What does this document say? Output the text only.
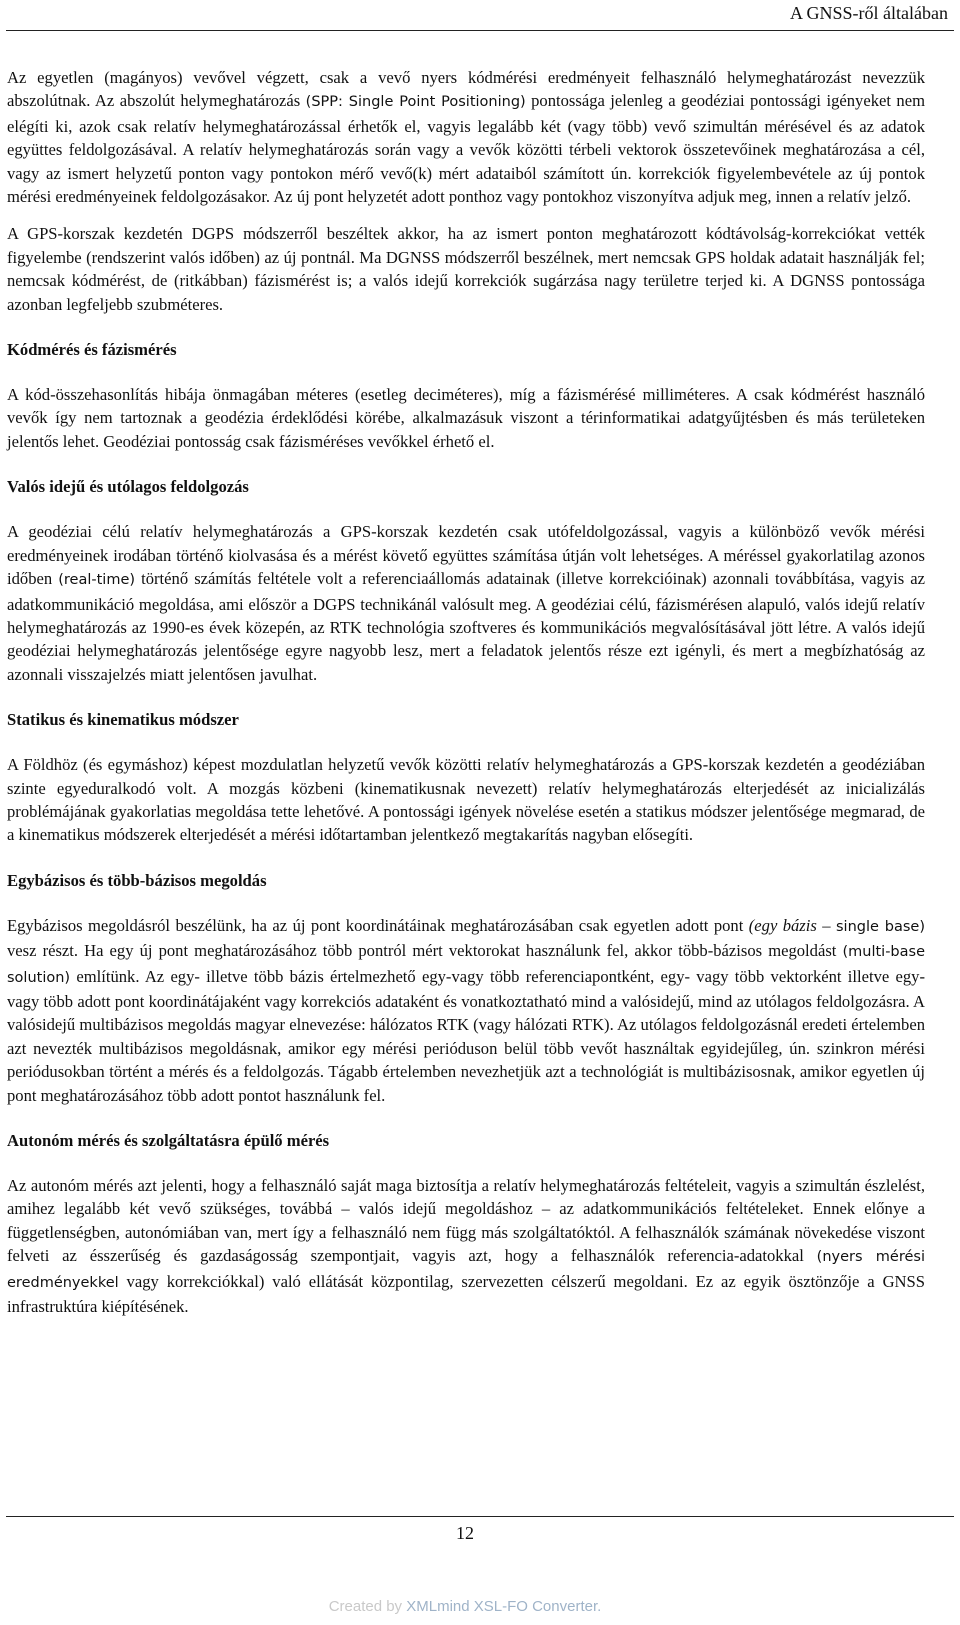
A GNSS-ről általában

Az egyetlen (magányos) vevővel végzett, csak a vevő nyers kódmérési eredményeit felhasználó helymeghatározást nevezzük abszolútnak. Az abszolút helymeghatározás (SPP: Single Point Positioning) pontossága jelenleg a geodéziai pontossági igényeket nem elégíti ki, azok csak relatív helymeghatározással érhetők el, vagyis legalább két (vagy több) vevő szimultán mérésével és az adatok együttes feldolgozásával. A relatív helymeghatározás során vagy a vevők közötti térbeli vektorok összetevőinek meghatározása a cél, vagy az ismert helyzetű ponton vagy pontokon mérő vevő(k) mért adataiból számított ún. korrekciók figyelembevétele az új pontok mérési eredményeinek feldolgozásakor. Az új pont helyzetét adott ponthoz vagy pontokhoz viszonyítva adjuk meg, innen a relatív jelző.

A GPS-korszak kezdetén DGPS módszerről beszéltek akkor, ha az ismert ponton meghatározott kódtávolság-korrekciókat vették figyelembe (rendszerint valós időben) az új pontnál. Ma DGNSS módszerről beszélnek, mert nemcsak GPS holdak adatait használják fel; nemcsak kódmérést, de (ritkábban) fázismérést is; a valós idejű korrekciók sugárzása nagy területre terjed ki. A DGNSS pontossága azonban legfeljebb szubméteres.

Kódmérés és fázismérés

A kód-összehasonlítás hibája önmagában méteres (esetleg deciméteres), míg a fázismérésé milliméteres. A csak kódmérést használó vevők így nem tartoznak a geodézia érdeklődési körébe, alkalmazásuk viszont a térinformatikai adatgyűjtésben és más területeken jelentős lehet. Geodéziai pontosság csak fázisméréses vevőkkel érhető el.

Valós idejű és utólagos feldolgozás

A geodéziai célú relatív helymeghatározás a GPS-korszak kezdetén csak utófeldolgozással, vagyis a különböző vevők mérési eredményeinek irodában történő kiolvasása és a mérést követő együttes számítása útján volt lehetséges. A méréssel gyakorlatilag azonos időben (real-time) történő számítás feltétele volt a referenciaállomás adatainak (illetve korrekcióinak) azonnali továbbítása, vagyis az adatkommunikáció megoldása, ami először a DGPS technikánál valósult meg. A geodéziai célú, fázismérésen alapuló, valós idejű relatív helymeghatározás az 1990-es évek közepén, az RTK technológia szoftveres és kommunikációs megvalósításával jött létre. A valós idejű geodéziai helymeghatározás jelentősége egyre nagyobb lesz, mert a feladatok jelentős része ezt igényli, és mert a megbízhatóság az azonnali visszajelzés miatt jelentősen javulhat.

Statikus és kinematikus módszer

A Földhöz (és egymáshoz) képest mozdulatlan helyzetű vevők közötti relatív helymeghatározás a GPS-korszak kezdetén a geodéziában szinte egyeduralkodó volt. A mozgás közbeni (kinematikusnak nevezett) relatív helymeghatározás elterjedését az inicializálás problémájának gyakorlatias megoldása tette lehetővé. A pontossági igények növelése esetén a statikus módszer jelentősége megmarad, de a kinematikus módszerek elterjedését a mérési időtartamban jelentkező megtakarítás nagyban elősegíti.

Egybázisos és több-bázisos megoldás

Egybázisos megoldásról beszélünk, ha az új pont koordinátáinak meghatározásában csak egyetlen adott pont (egy bázis – single base) vesz részt. Ha egy új pont meghatározásához több pontról mért vektorokat használunk fel, akkor több-bázisos megoldást (multi-base solution) említünk. Az egy- illetve több bázis értelmezhető egy-vagy több referenciapontként, egy- vagy több vektorként illetve egy- vagy több adott pont koordinátájaként vagy korrekciós adataként és vonatkoztatható mind a valósidejű, mind az utólagos feldolgozásra. A valósidejű multibázisos megoldás magyar elnevezése: hálózatos RTK (vagy hálózati RTK). Az utólagos feldolgozásnál eredeti értelemben azt nevezték multibázisos megoldásnak, amikor egy mérési perióduson belül több vevőt használtak egyidejűleg, ún. szinkron mérési periódusokban történt a mérés és a feldolgozás. Tágabb értelemben nevezhetjük azt a technológiát is multibázisosnak, amikor egyetlen új pont meghatározásához több adott pontot használunk fel.

Autonóm mérés és szolgáltatásra épülő mérés

Az autonóm mérés azt jelenti, hogy a felhasználó saját maga biztosítja a relatív helymeghatározás feltételeit, vagyis a szimultán észlelést, amihez legalább két vevő szükséges, továbbá – valós idejű megoldáshoz – az adatkommunikációs feltételeket. Ennek előnye a függetlenségben, autonómiában van, mert így a felhasználó nem függ más szolgáltatóktól. A felhasználók számának növekedése viszont felveti az ésszerűség és gazdaságosság szempontjait, vagyis azt, hogy a felhasználók referencia-adatokkal (nyers mérési eredményekkel vagy korrekciókkal) való ellátását központilag, szervezetten célszerű megoldani. Ez az egyik ösztönzője a GNSS infrastruktúra kiépítésének.

12
Created by XMLmind XSL-FO Converter.
